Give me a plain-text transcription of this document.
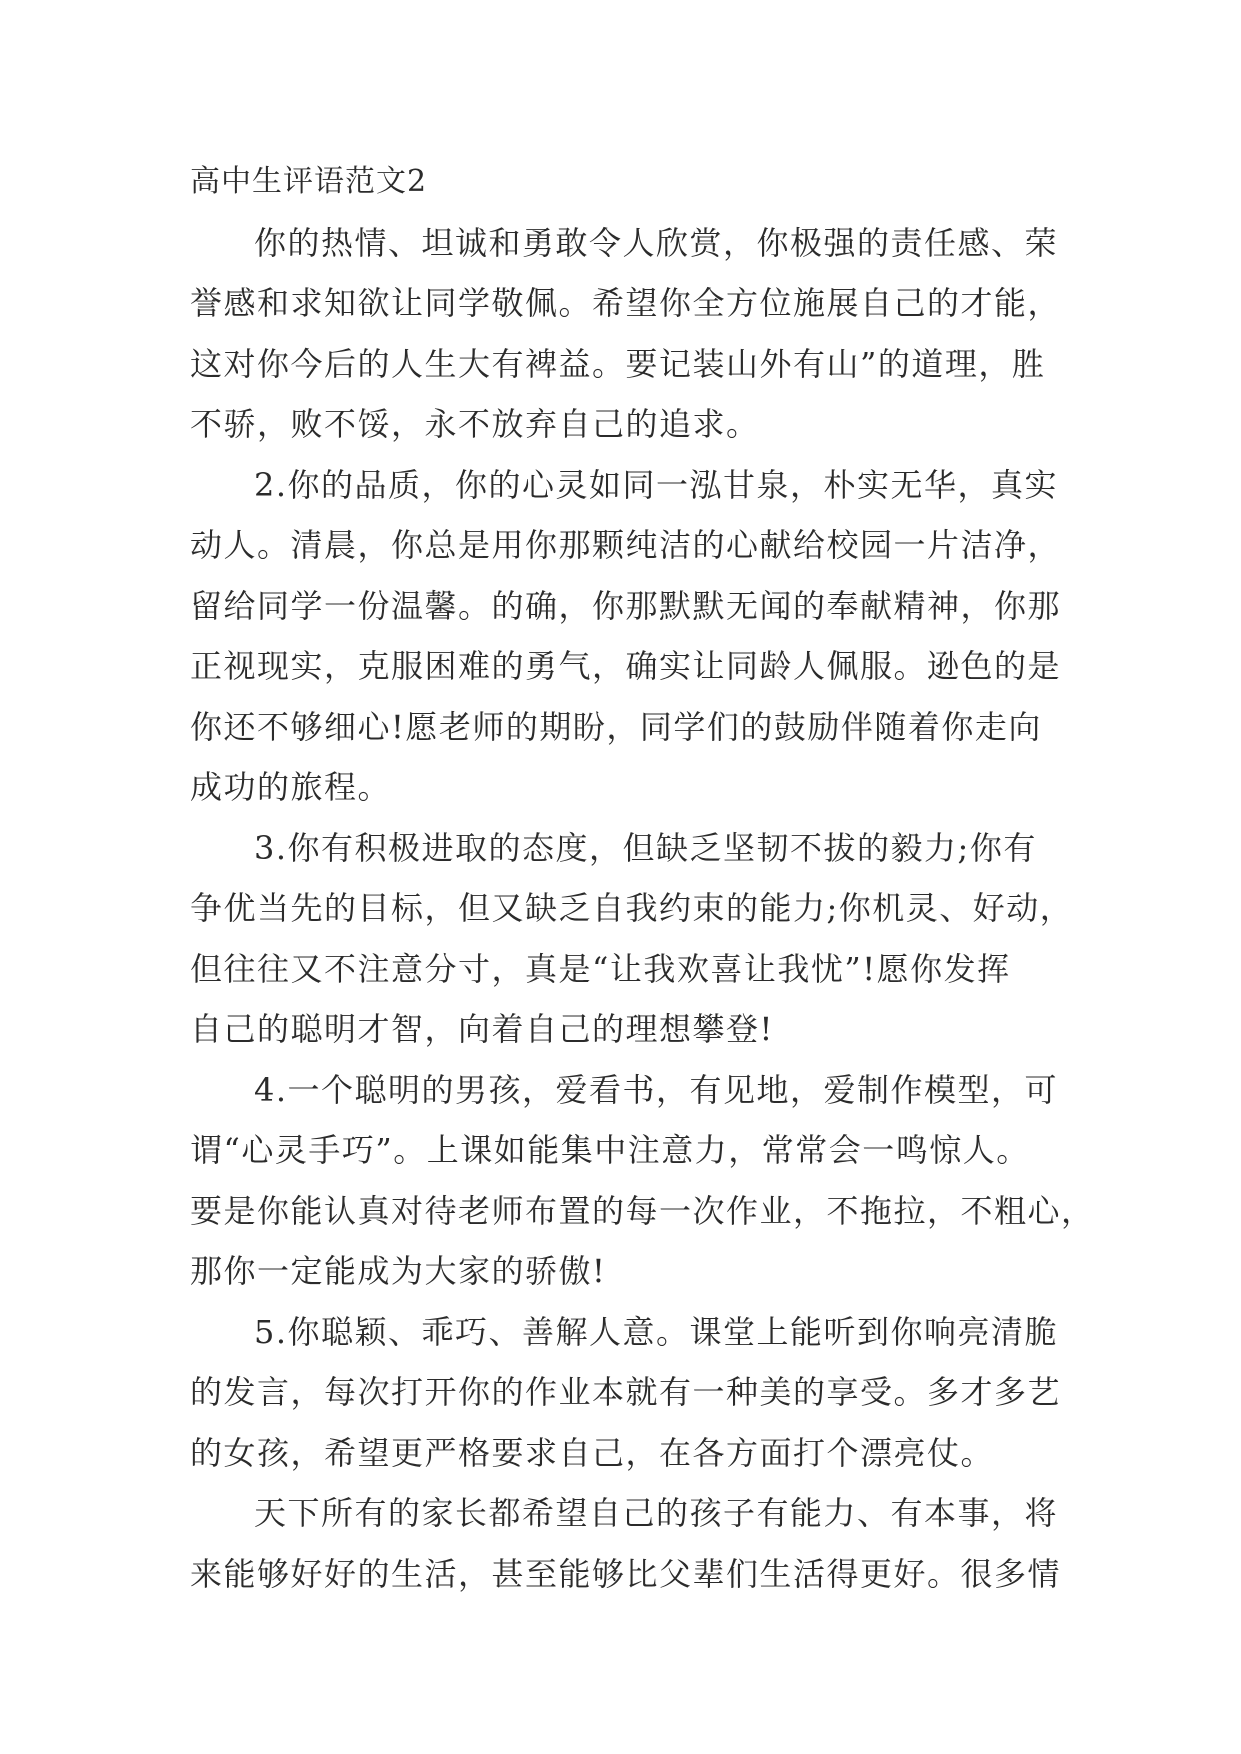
高中生评语范文2

你的热情、坦诚和勇敢令人欣赏，你极强的责任感、荣
誉感和求知欲让同学敬佩。希望你全方位施展自己的才能，
这对你今后的人生大有裨益。要记装山外有山”的道理，胜
不骄，败不馁，永不放弃自己的追求。

2.你的品质，你的心灵如同一泓甘泉，朴实无华，真实
动人。清晨，你总是用你那颗纯洁的心献给校园一片洁净，
留给同学一份温馨。的确，你那默默无闻的奉献精神，你那
正视现实，克服困难的勇气，确实让同龄人佩服。逊色的是
你还不够细心!愿老师的期盼，同学们的鼓励伴随着你走向
成功的旅程。

3.你有积极进取的态度，但缺乏坚韧不拔的毅力;你有
争优当先的目标，但又缺乏自我约束的能力;你机灵、好动，
但往往又不注意分寸，真是“让我欢喜让我忧”!愿你发挥
自己的聪明才智，向着自己的理想攀登!

4.一个聪明的男孩，爱看书，有见地，爱制作模型，可
谓“心灵手巧”。上课如能集中注意力，常常会一鸣惊人。
要是你能认真对待老师布置的每一次作业，不拖拉，不粗心，
那你一定能成为大家的骄傲!

5.你聪颖、乖巧、善解人意。课堂上能听到你响亮清脆
的发言，每次打开你的作业本就有一种美的享受。多才多艺
的女孩，希望更严格要求自己，在各方面打个漂亮仗。

天下所有的家长都希望自己的孩子有能力、有本事，将
来能够好好的生活，甚至能够比父辈们生活得更好。很多情
